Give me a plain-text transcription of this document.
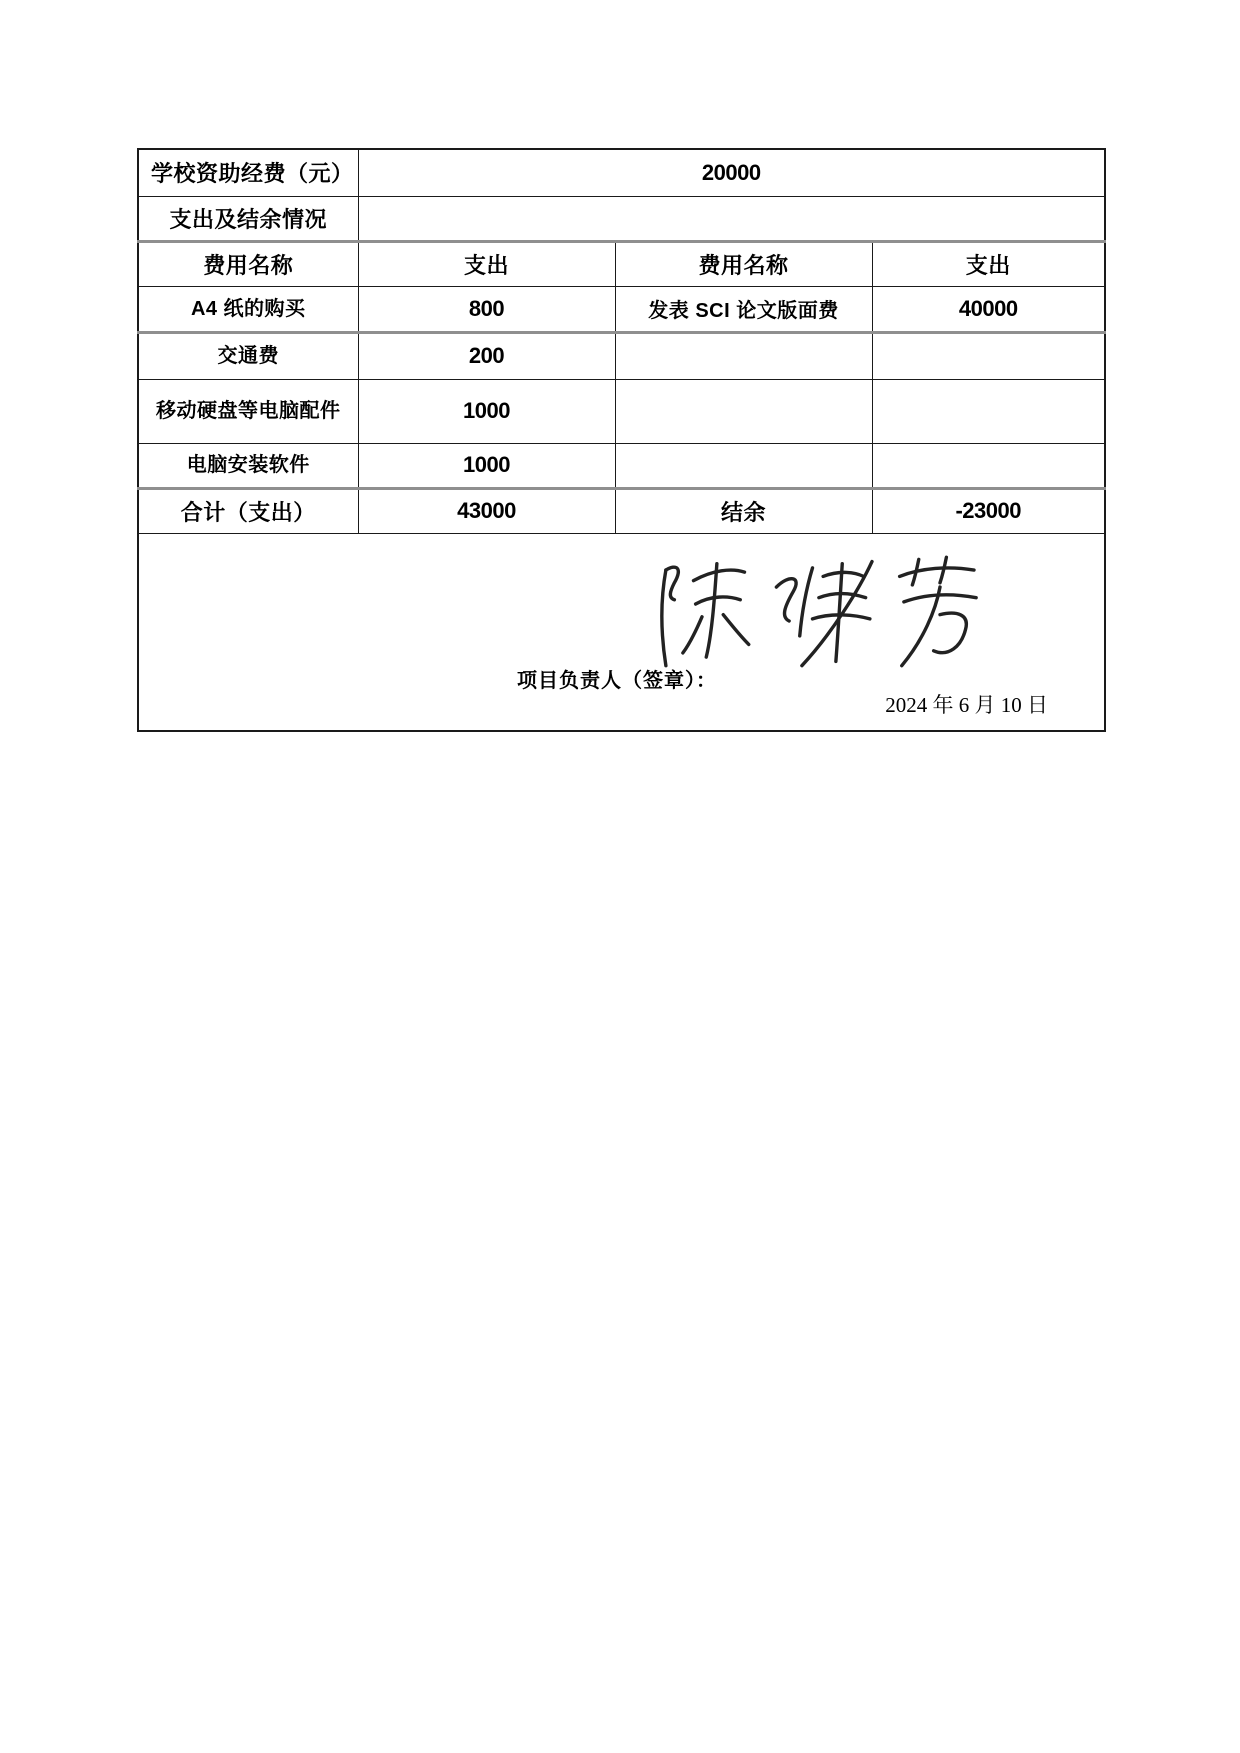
学校资助经费（元）	20000		
支出及结余情况			
费用名称	支出	费用名称	支出
A4 纸的购买	800	发表 SCI 论文版面费	40000
交通费	200		
移动硬盘等电脑配件	1000		
电脑安装软件	1000		
合计（支出）	43000	结余	-23000

项目负责人（签章）：
2024 年 6 月 10 日			
